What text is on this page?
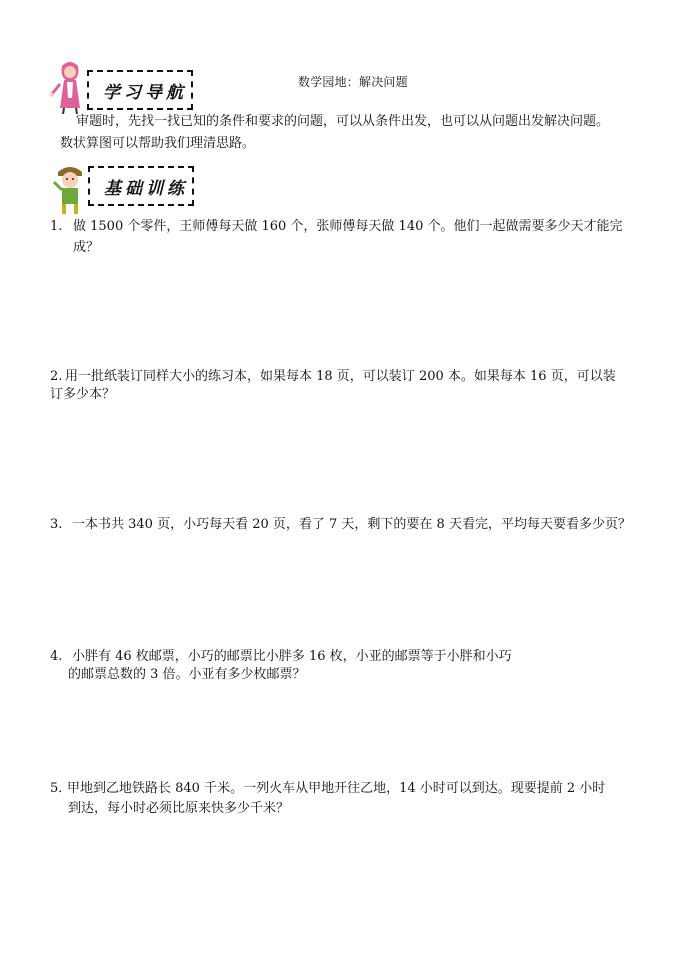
学习导航
数学园地：解决问题
审题时，先找一找已知的条件和要求的问题，可以从条件出发，也可以从问题出发解决问题。
数状算图可以帮助我们理清思路。
基础训练
1. 做 1500 个零件，王师傅每天做 160 个，张师傅每天做 140 个。他们一起做需要多少天才能完
成？
2. 用一批纸装订同样大小的练习本，如果每本 18 页，可以装订 200 本。如果每本 16 页，可以装
订多少本？
3. 一本书共 340 页，小巧每天看 20 页，看了 7 天，剩下的要在 8 天看完，平均每天要看多少页？
4. 小胖有 46 枚邮票，小巧的邮票比小胖多 16 枚，小亚的邮票等于小胖和小巧
的邮票总数的 3 倍。小亚有多少枚邮票？
5．甲地到乙地铁路长 840 千米。一列火车从甲地开往乙地，14 小时可以到达。现要提前 2 小时
到达，每小时必须比原来快多少千米？
